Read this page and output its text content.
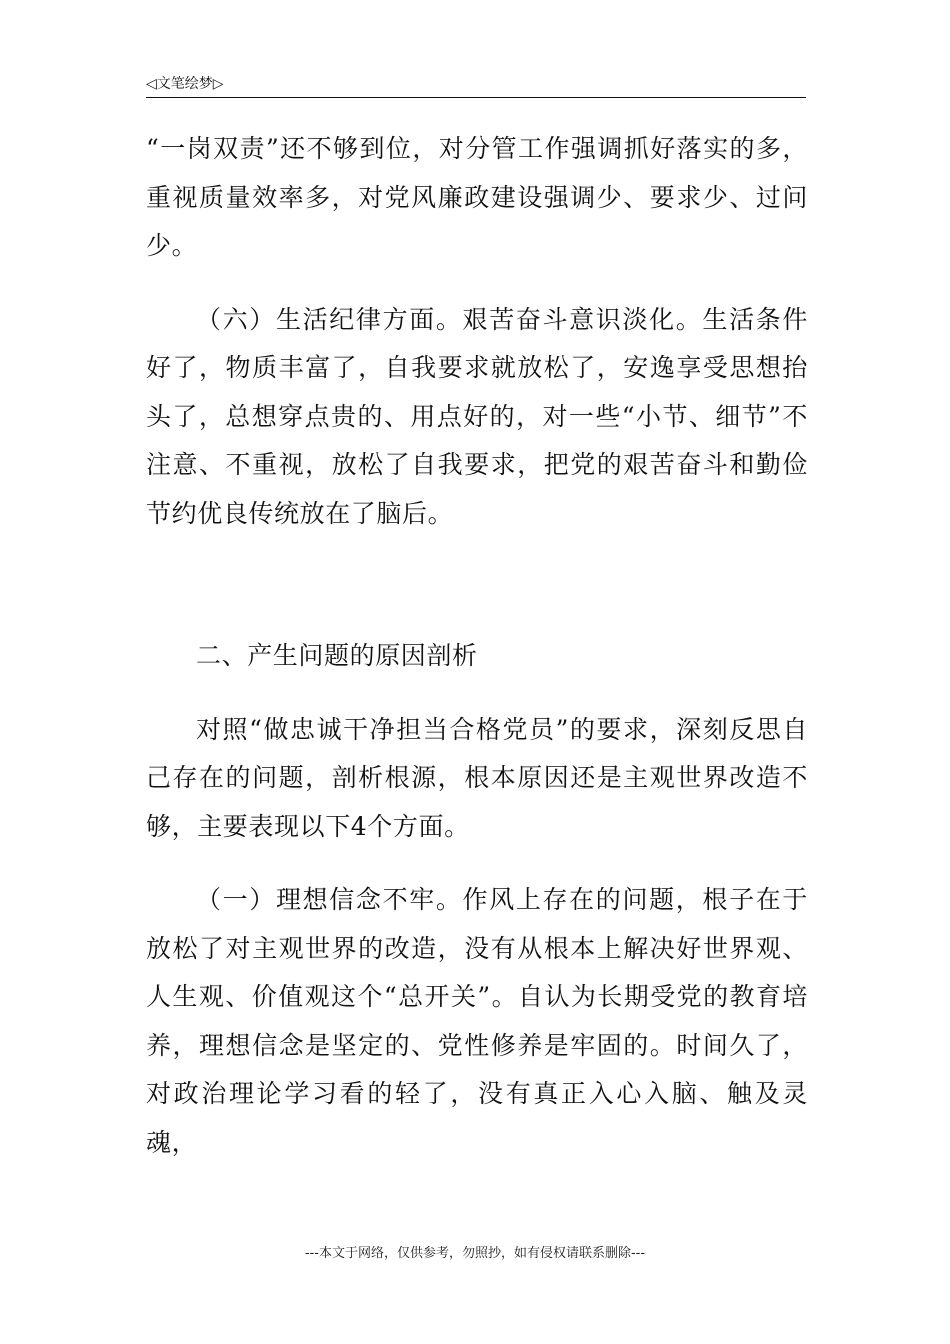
◁文笔绘梦▷

“一岗双责”还不够到位，对分管工作强调抓好落实的多，重视质量效率多，对党风廉政建设强调少、要求少、过问少。

（六）生活纪律方面。艰苦奋斗意识淡化。生活条件好了，物质丰富了，自我要求就放松了，安逸享受思想抬头了，总想穿点贵的、用点好的，对一些“小节、细节”不注意、不重视，放松了自我要求，把党的艰苦奋斗和勤俭节约优良传统放在了脑后。

二、产生问题的原因剖析

对照“做忠诚干净担当合格党员”的要求，深刻反思自己存在的问题，剖析根源，根本原因还是主观世界改造不够，主要表现以下4个方面。

（一）理想信念不牢。作风上存在的问题，根子在于放松了对主观世界的改造，没有从根本上解决好世界观、人生观、价值观这个“总开关”。自认为长期受党的教育培养，理想信念是坚定的、党性修养是牢固的。时间久了，对政治理论学习看的轻了，没有真正入心入脑、触及灵魂，

---本文于网络，仅供参考，勿照抄，如有侵权请联系删除---
